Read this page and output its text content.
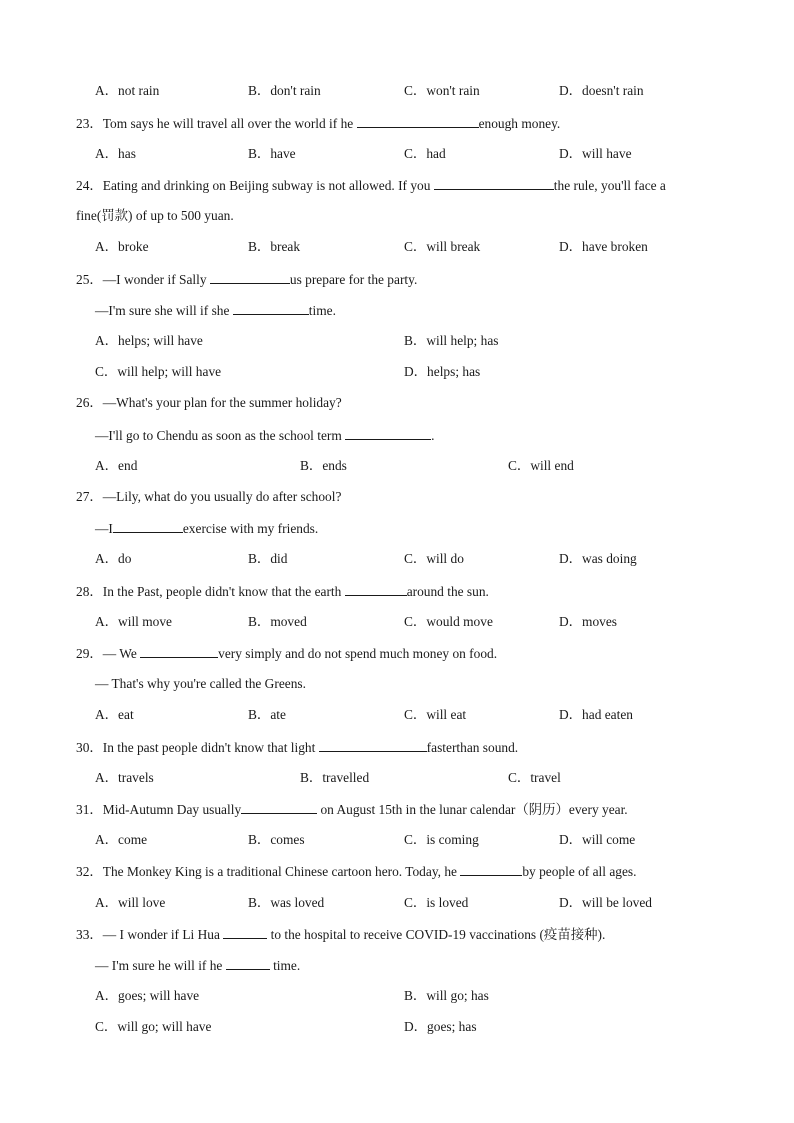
A．not rain	B．don't rain	C．won't rain	D．doesn't rain
23．Tom says he will travel all over the world if he	enough money.
A．has	B．have	C．had	D．will have
24．Eating and drinking on Beijing subway is not allowed. If you	the rule, you'll face a
fine(罚款) of up to 500 yuan.
A．broke	B．break	C．will break	D．have broken
25．—I wonder if Sally	us prepare for the party.
—I'm sure she will if she	time.
A．helps; will have	B．will help; has
C．will help; will have	D．helps; has
26．—What's your plan for the summer holiday?
—I'll go to Chendu as soon as the school term	.
A．end	B．ends	C．will end
27．—Lily, what do you usually do after school?
—I	exercise with my friends.
A．do	B．did	C．will do	D．was doing
28．In the Past, people didn't know that the earth	around the sun.
A．will move	B．moved	C．would move	D．moves
29．— We	very simply and do not spend much money on food.
— That's why you're called the Greens.
A．eat	B．ate	C．will eat	D．had eaten
30．In the past people didn't know that light	fasterthan sound.
A．travels	B．travelled	C．travel
31．Mid-Autumn Day usually	on August 15th in the lunar calendar（阴历）every year.
A．come	B．comes	C．is coming	D．will come
32．The Monkey King is a traditional Chinese cartoon hero. Today, he	by people of all ages.
A．will love	B．was loved	C．is loved	D．will be loved
33．— I wonder if Li Hua	to the hospital to receive COVID-19 vaccinations (疫苗接种).
— I'm sure he will if he	time.
A．goes; will have	B．will go; has
C．will go; will have	D．goes; has
